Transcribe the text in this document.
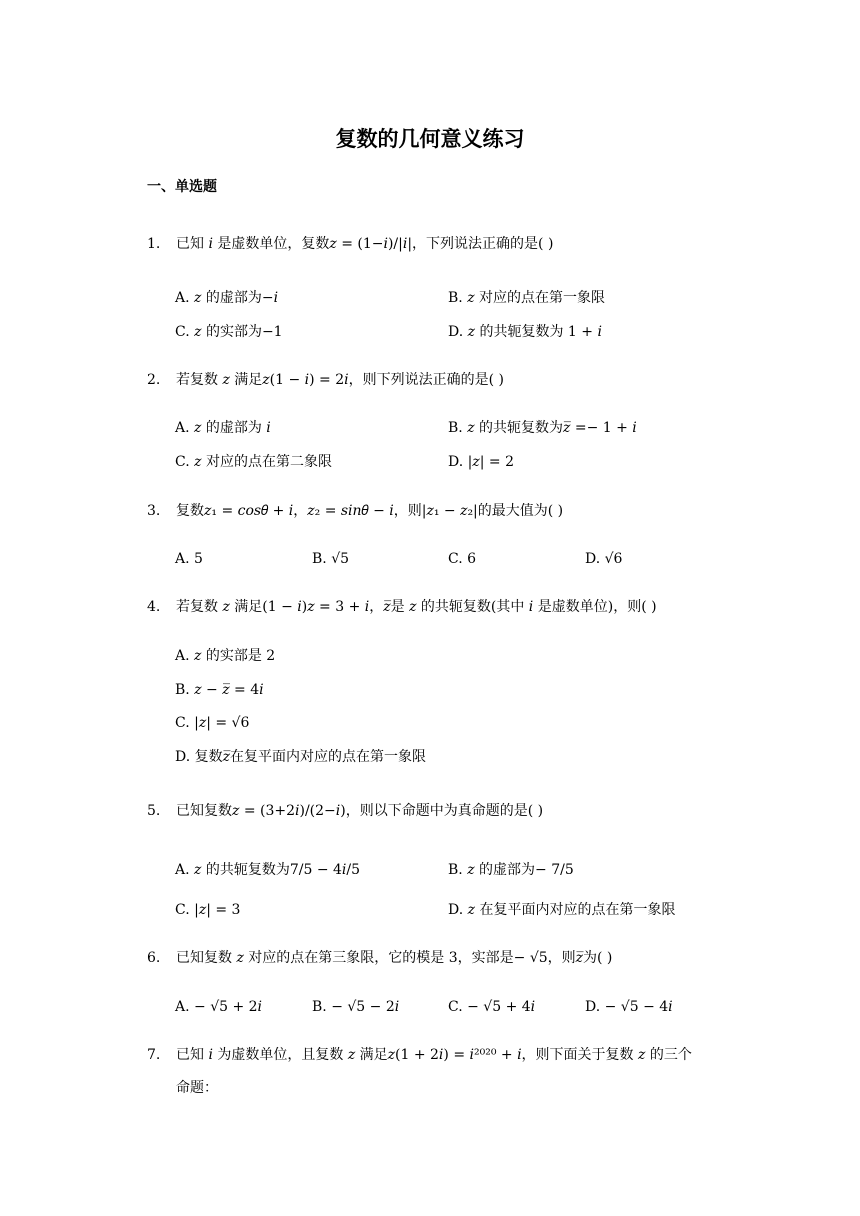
复数的几何意义练习
一、单选题
1. 已知 𝑖 是虚数单位，复数𝑧 = (1−𝑖)/|𝑖|，下列说法正确的是( )
A. 𝑧 的虚部为−𝑖	B. 𝑧 对应的点在第一象限
C. 𝑧 的实部为−1	D. 𝑧 的共轭复数为 1 + 𝑖
2. 若复数 𝑧 满足𝑧(1 − 𝑖) = 2𝑖，则下列说法正确的是( )
A. 𝑧 的虚部为 𝑖	B. 𝑧 的共轭复数为𝑧̅ =− 1 + 𝑖
C. 𝑧 对应的点在第二象限	D. |𝑧| = 2
3. 复数𝑧₁ = 𝑐𝑜𝑠𝜃 + 𝑖，𝑧₂ = 𝑠𝑖𝑛𝜃 − 𝑖，则|𝑧₁ − 𝑧₂|的最大值为( )
A. 5	B. √5	C. 6	D. √6
4. 若复数 𝑧 满足(1 − 𝑖)𝑧 = 3 + 𝑖，𝑧̅是 𝑧 的共轭复数(其中 𝑖 是虚数单位)，则( )
A. 𝑧 的实部是 2
B. 𝑧 − 𝑧̅ = 4𝑖
C. |𝑧| = √6
D. 复数𝑧̅在复平面内对应的点在第一象限
5. 已知复数𝑧 = (3+2𝑖)/(2−𝑖)，则以下命题中为真命题的是( )
A. 𝑧 的共轭复数为7/5 − 4𝑖/5	B. 𝑧 的虚部为− 7/5
C. |𝑧| = 3	D. 𝑧 在复平面内对应的点在第一象限
6. 已知复数 𝑧 对应的点在第三象限，它的模是 3，实部是− √5，则𝑧̅为( )
A. − √5 + 2𝑖	B. − √5 − 2𝑖	C. − √5 + 4𝑖	D. − √5 − 4𝑖
7. 已知 𝑖 为虚数单位，且复数 𝑧 满足𝑧(1 + 2𝑖) = 𝑖²⁰²⁰ + 𝑖，则下面关于复数 𝑧 的三个
命题：
